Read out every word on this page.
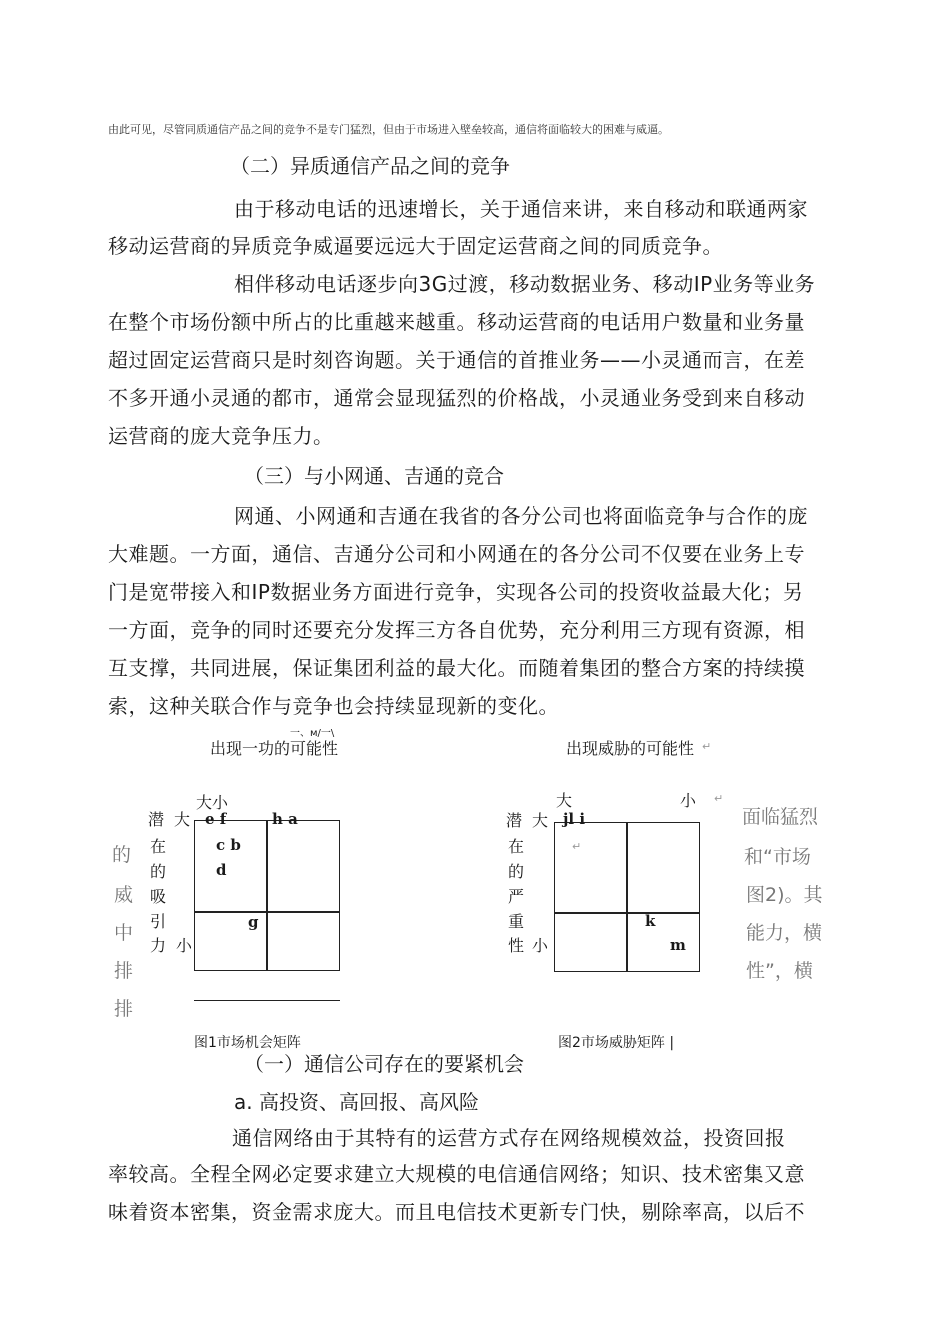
由此可见，尽管同质通信产品之间的竞争不是专门猛烈，但由于市场进入壁垒较高，通信将面临较大的困难与威逼。
（二）异质通信产品之间的竞争
由于移动电话的迅速增长，关于通信来讲，来自移动和联通两家
移动运营商的异质竞争威逼要远远大于固定运营商之间的同质竞争。
相伴移动电话逐步向3G过渡，移动数据业务、移动IP业务等业务
在整个市场份额中所占的比重越来越重。移动运营商的电话用户数量和业务量
超过固定运营商只是时刻咨询题。关于通信的首推业务——小灵通而言，在差
不多开通小灵通的都市，通常会显现猛烈的价格战，小灵通业务受到来自移动
运营商的庞大竞争压力。
（三）与小网通、吉通的竞合
网通、小网通和吉通在我省的各分公司也将面临竞争与合作的庞
大难题。一方面，通信、吉通分公司和小网通在的各分公司不仅要在业务上专
门是宽带接入和IP数据业务方面进行竞争，实现各公司的投资收益最大化；另
一方面，竞争的同时还要充分发挥三方各自优势，充分利用三方现有资源，相
互支撑，共同进展，保证集团利益的最大化。而随着集团的整合方案的持续摸
索，这种关联合作与竞争也会持续显现新的变化。
的
威
中
排
排
面临猛烈
和“市场
图2)。其
能力，横
性”，横
一、м/一\
出现一功的可能性
大小
潜 大
在
的
吸
引
力 小
e f	h a
c b
d
g
图1市场机会矩阵
出现威胁的可能性 ↵
大	小 ↵
潜 大
在
的
严
重
性 小
jl i
↵
k
m
图2市场威胁矩阵 |
（一）通信公司存在的要紧机会
a. 高投资、高回报、高风险
通信网络由于其特有的运营方式存在网络规模效益，投资回报
率较高。全程全网必定要求建立大规模的电信通信网络；知识、技术密集又意
味着资本密集，资金需求庞大。而且电信技术更新专门快，剔除率高，以后不
